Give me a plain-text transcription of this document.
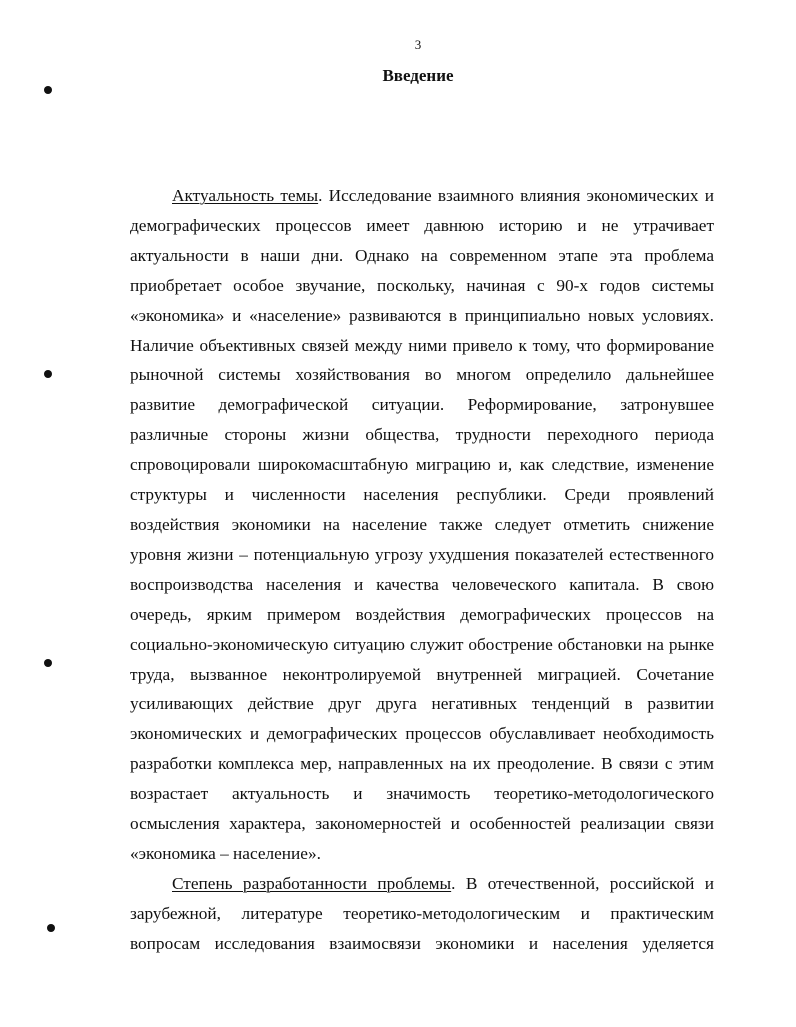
3
Введение

Актуальность темы. Исследование взаимного влияния экономических и демографических процессов имеет давнюю историю и не утрачивает актуальности в наши дни. Однако на современном этапе эта проблема приобретает особое звучание, поскольку, начиная с 90-х годов системы «экономика» и «население» развиваются в принципиально новых условиях. Наличие объективных связей между ними привело к тому, что формирование рыночной системы хозяйствования во многом определило дальнейшее развитие демографической ситуации. Реформирование, затронувшее различные стороны жизни общества, трудности переходного периода спровоцировали широкомасштабную миграцию и, как следствие, изменение структуры и численности населения республики. Среди проявлений воздействия экономики на население также следует отметить снижение уровня жизни – потенциальную угрозу ухудшения показателей естественного воспроизводства населения и качества человеческого капитала. В свою очередь, ярким примером воздействия демографических процессов на социально-экономическую ситуацию служит обострение обстановки на рынке труда, вызванное неконтролируемой внутренней миграцией. Сочетание усиливающих действие друг друга негативных тенденций в развитии экономических и демографических процессов обуславливает необходимость разработки комплекса мер, направленных на их преодоление. В связи с этим возрастает актуальность и значимость теоретико-методологического осмысления характера, закономерностей и особенностей реализации связи «экономика – население».

Степень разработанности проблемы. В отечественной, российской и зарубежной, литературе теоретико-методологическим и практическим вопросам исследования взаимосвязи экономики и населения уделяется
